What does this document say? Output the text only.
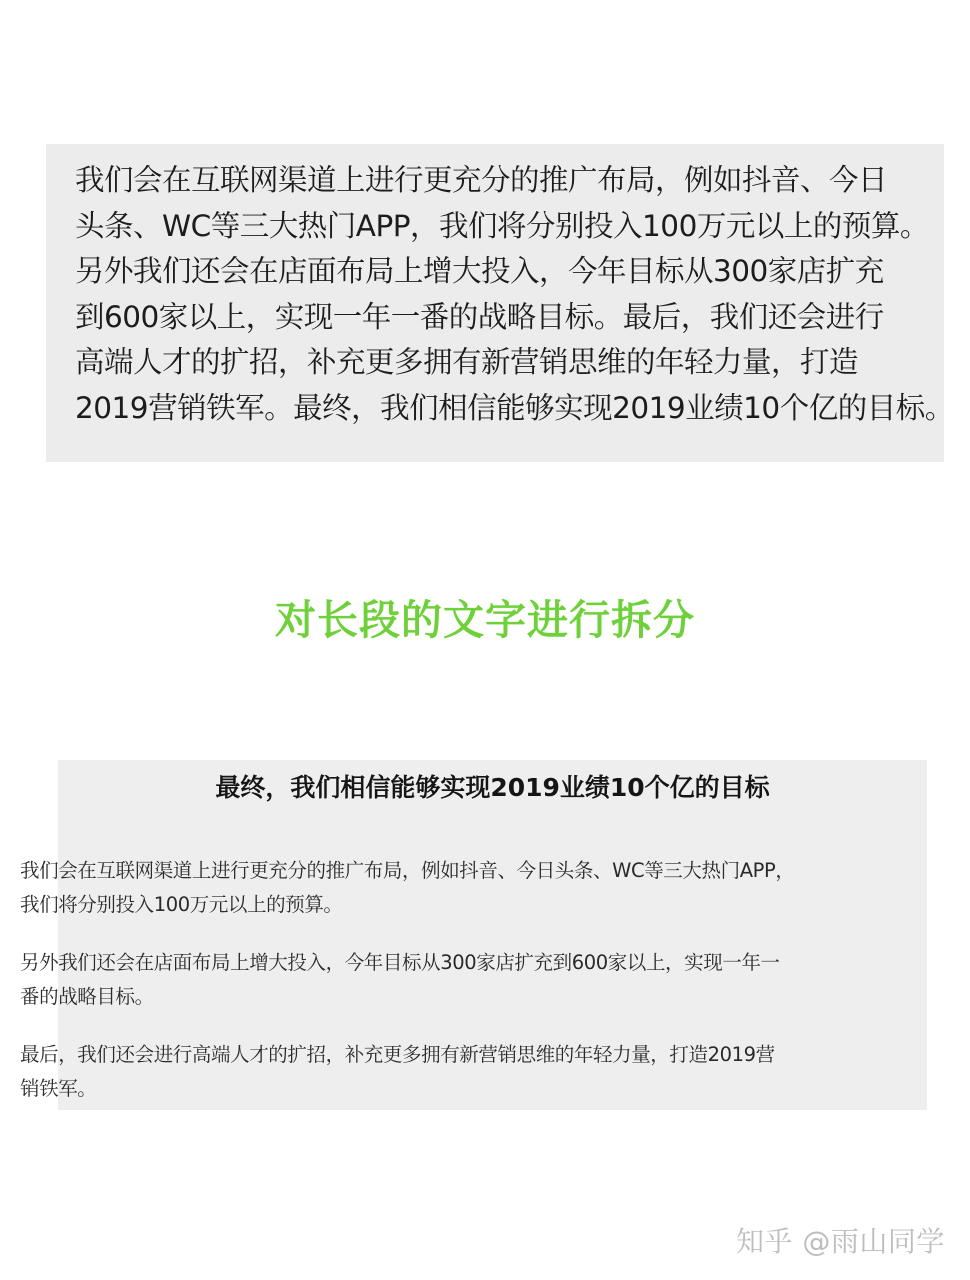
我们会在互联网渠道上进行更充分的推广布局，例如抖音、今日
头条、WC等三大热门APP，我们将分别投入100万元以上的预算。
另外我们还会在店面布局上增大投入，今年目标从300家店扩充
到600家以上，实现一年一番的战略目标。最后，我们还会进行
高端人才的扩招，补充更多拥有新营销思维的年轻力量，打造
2019营销铁军。最终，我们相信能够实现2019业绩10个亿的目标。
对长段的文字进行拆分
最终，我们相信能够实现2019业绩10个亿的目标
我们会在互联网渠道上进行更充分的推广布局，例如抖音、今日头条、WC等三大热门APP，
我们将分别投入100万元以上的预算。
另外我们还会在店面布局上增大投入，今年目标从300家店扩充到600家以上，实现一年一
番的战略目标。
最后，我们还会进行高端人才的扩招，补充更多拥有新营销思维的年轻力量，打造2019营
销铁军。
知乎 @雨山同学
